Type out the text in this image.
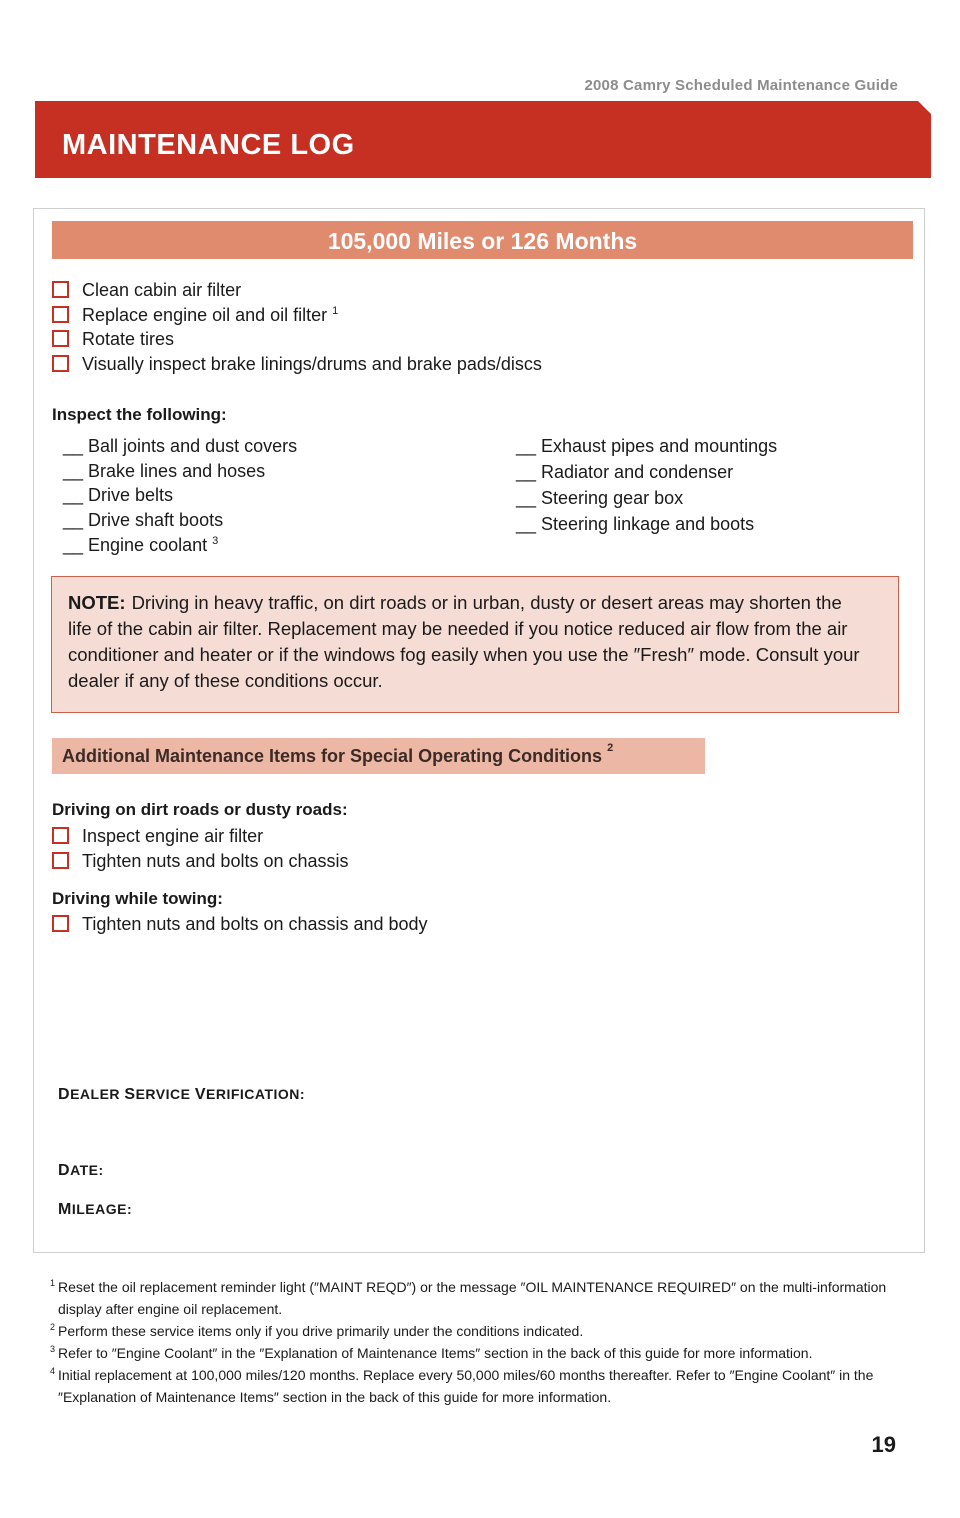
2008 Camry Scheduled Maintenance Guide
MAINTENANCE LOG
105,000 Miles or 126 Months
Clean cabin air filter
Replace engine oil and oil filter $^1$
Rotate tires
Visually inspect brake linings/drums and brake pads/discs
Inspect the following:
__ Ball joints and dust covers
__ Brake lines and hoses
__ Drive belts
__ Drive shaft boots
__ Engine coolant $^3$
__ Exhaust pipes and mountings
__ Radiator and condenser
__ Steering gear box
__ Steering linkage and boots
NOTE: Driving in heavy traffic, on dirt roads or in urban, dusty or desert areas may shorten the life of the cabin air filter. Replacement may be needed if you notice reduced air flow from the air conditioner and heater or if the windows fog easily when you use the ″Fresh″ mode. Consult your dealer if any of these conditions occur.
Additional Maintenance Items for Special Operating Conditions $^2$
Driving on dirt roads or dusty roads:
Inspect engine air filter
Tighten nuts and bolts on chassis
Driving while towing:
Tighten nuts and bolts on chassis and body
DEALER SERVICE VERIFICATION:
DATE:
MILEAGE:
1 Reset the oil replacement reminder light (″MAINT REQD″) or the message ″OIL MAINTENANCE REQUIRED″ on the multi-information display after engine oil replacement.
2 Perform these service items only if you drive primarily under the conditions indicated.
3 Refer to ″Engine Coolant″ in the ″Explanation of Maintenance Items″ section in the back of this guide for more information.
4 Initial replacement at 100,000 miles/120 months. Replace every 50,000 miles/60 months thereafter. Refer to ″Engine Coolant″ in the ″Explanation of Maintenance Items″ section in the back of this guide for more information.
19
